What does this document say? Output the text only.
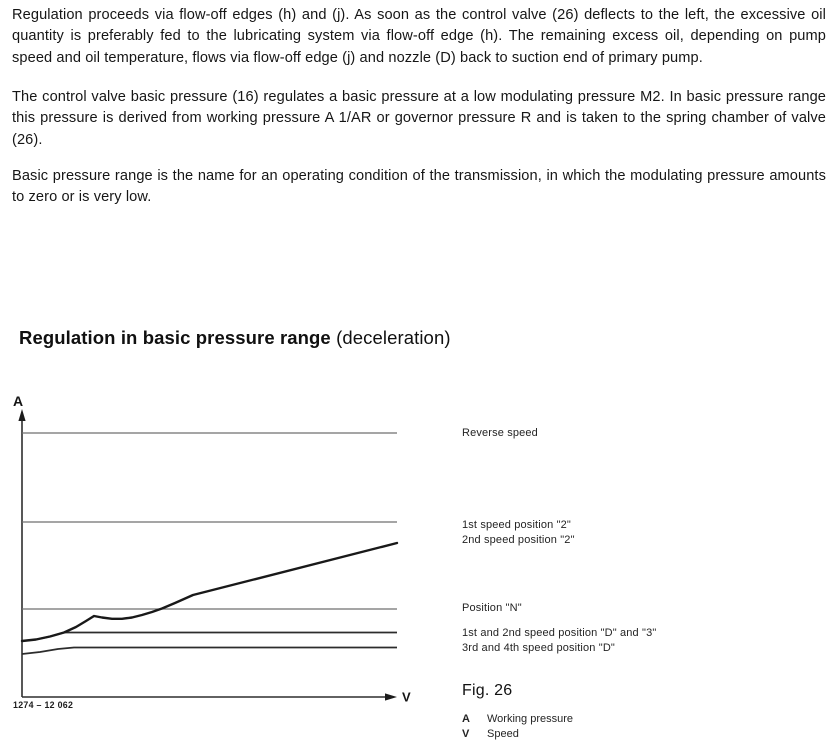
Regulation proceeds via flow-off edges (h) and (j). As soon as the control valve (26) deflects to the left, the excessive oil quantity is preferably fed to the lubricating system via flow-off edge (h). The remaining excess oil, depending on pump speed and oil temperature, flows via flow-off edge (j) and nozzle (D) back to suction end of primary pump.

The control valve basic pressure (16) regulates a basic pressure at a low modulating pressure M2. In basic pressure range this pressure is derived from working pressure A 1/AR or governor pressure R and is taken to the spring chamber of valve (26).

Basic pressure range is the name for an operating condition of the transmission, in which the modulating pressure amounts to zero or is very low.

Regulation in basic pressure range (deceleration)
A
V
Reverse speed
1st speed position "2"
2nd speed position "2"
Position "N"
1st and 2nd speed position "D" and "3"
3rd and 4th speed position "D"
Fig. 26
A Working pressure
V Speed
1274 – 12 062
